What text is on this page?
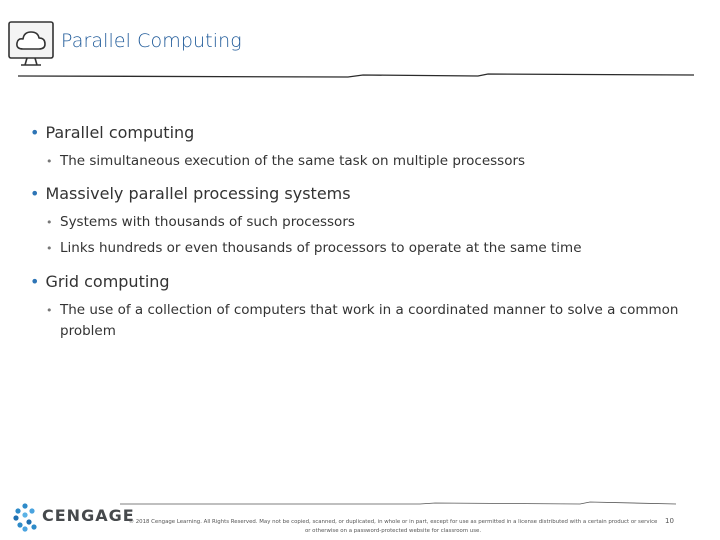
Parallel Computing
• Parallel computing
• The simultaneous execution of the same task on multiple processors
• Massively parallel processing systems
• Systems with thousands of such processors
• Links hundreds or even thousands of processors to operate at the same time
• Grid computing
• The use of a collection of computers that work in a coordinated manner to solve a common problem
CENGAGE
© 2018 Cengage Learning. All Rights Reserved. May not be copied, scanned, or duplicated, in whole or in part, except for use as permitted in a license distributed with a certain product or service or otherwise on a password-protected website for classroom use.
10
